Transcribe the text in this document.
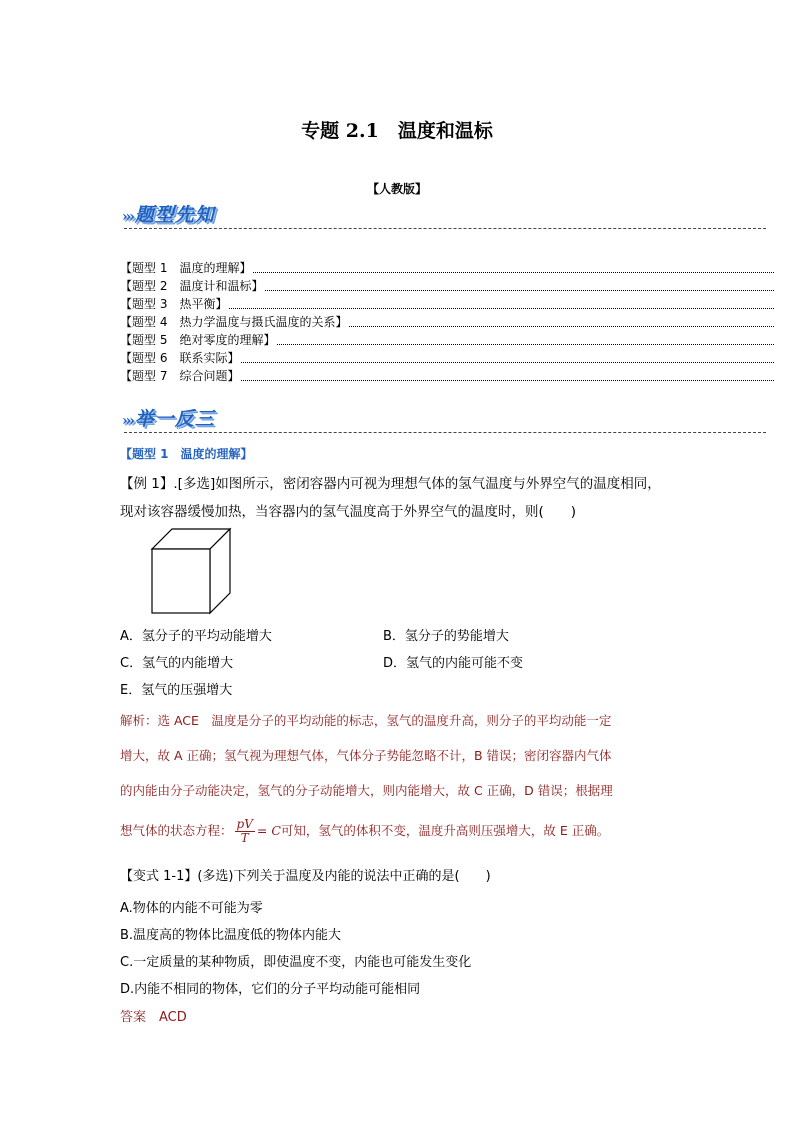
专题 2.1　温度和温标
【人教版】
››› 题型先知
【题型 1　温度的理解】
【题型 2　温度计和温标】
【题型 3　热平衡】
【题型 4　热力学温度与摄氏温度的关系】
【题型 5　绝对零度的理解】
【题型 6　联系实际】
【题型 7　综合问题】
››› 举一反三
【题型 1　温度的理解】
【例 1】.[多选]如图所示，密闭容器内可视为理想气体的氢气温度与外界空气的温度相同，
现对该容器缓慢加热，当容器内的氢气温度高于外界空气的温度时，则(　　)
A．氢分子的平均动能增大	B．氢分子的势能增大
C．氢气的内能增大	D．氢气的内能可能不变
E．氢气的压强增大
解析：选 ACE　温度是分子的平均动能的标志，氢气的温度升高，则分子的平均动能一定
增大，故 A 正确；氢气视为理想气体，气体分子势能忽略不计，B 错误；密闭容器内气体
的内能由分子动能决定，氢气的分子动能增大，则内能增大，故 C 正确，D 错误；根据理
想气体的状态方程： $\frac{pV}{T} = C$可知，氢气的体积不变，温度升高则压强增大，故 E 正确。
【变式 1-1】(多选)下列关于温度及内能的说法中正确的是(　　)
A.物体的内能不可能为零
B.温度高的物体比温度低的物体内能大
C.一定质量的某种物质，即使温度不变，内能也可能发生变化
D.内能不相同的物体，它们的分子平均动能可能相同
答案　ACD
